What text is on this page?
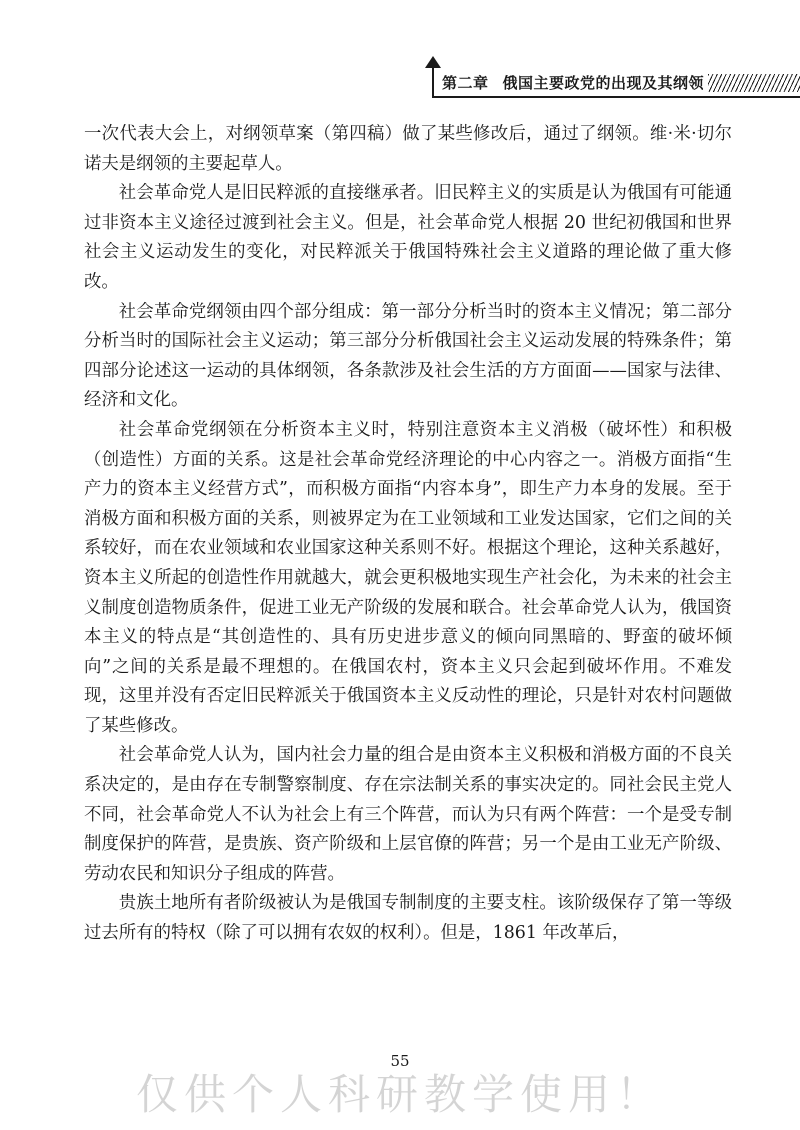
第二章 俄国主要政党的出现及其纲领

一次代表大会上，对纲领草案（第四稿）做了某些修改后，通过了纲领。维·米·切尔诺夫是纲领的主要起草人。

社会革命党人是旧民粹派的直接继承者。旧民粹主义的实质是认为俄国有可能通过非资本主义途径过渡到社会主义。但是，社会革命党人根据 20 世纪初俄国和世界社会主义运动发生的变化，对民粹派关于俄国特殊社会主义道路的理论做了重大修改。

社会革命党纲领由四个部分组成：第一部分分析当时的资本主义情况；第二部分分析当时的国际社会主义运动；第三部分分析俄国社会主义运动发展的特殊条件；第四部分论述这一运动的具体纲领，各条款涉及社会生活的方方面面——国家与法律、经济和文化。

社会革命党纲领在分析资本主义时，特别注意资本主义消极（破坏性）和积极（创造性）方面的关系。这是社会革命党经济理论的中心内容之一。消极方面指“生产力的资本主义经营方式”，而积极方面指“内容本身”，即生产力本身的发展。至于消极方面和积极方面的关系，则被界定为在工业领域和工业发达国家，它们之间的关系较好，而在农业领域和农业国家这种关系则不好。根据这个理论，这种关系越好，资本主义所起的创造性作用就越大，就会更积极地实现生产社会化，为未来的社会主义制度创造物质条件，促进工业无产阶级的发展和联合。社会革命党人认为，俄国资本主义的特点是“其创造性的、具有历史进步意义的倾向同黑暗的、野蛮的破坏倾向”之间的关系是最不理想的。在俄国农村，资本主义只会起到破坏作用。不难发现，这里并没有否定旧民粹派关于俄国资本主义反动性的理论，只是针对农村问题做了某些修改。

社会革命党人认为，国内社会力量的组合是由资本主义积极和消极方面的不良关系决定的，是由存在专制警察制度、存在宗法制关系的事实决定的。同社会民主党人不同，社会革命党人不认为社会上有三个阵营，而认为只有两个阵营：一个是受专制制度保护的阵营，是贵族、资产阶级和上层官僚的阵营；另一个是由工业无产阶级、劳动农民和知识分子组成的阵营。

贵族土地所有者阶级被认为是俄国专制制度的主要支柱。该阶级保存了第一等级过去所有的特权（除了可以拥有农奴的权利）。但是，1861 年改革后，

55
仅供个人科研教学使用！
